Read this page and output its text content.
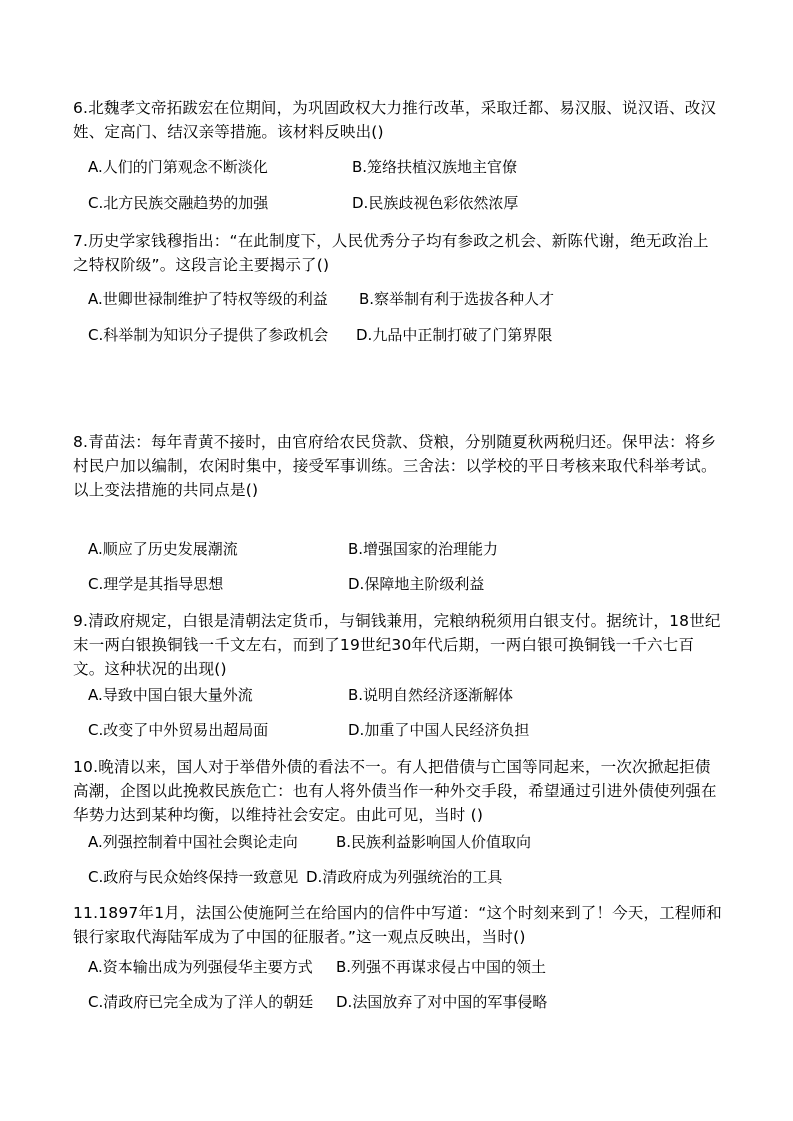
6.北魏孝文帝拓跋宏在位期间，为巩固政权大力推行改革，采取迁都、易汉服、说汉语、改汉姓、定高门、结汉亲等措施。该材料反映出()

A.人们的门第观念不断淡化	B.笼络扶植汉族地主官僚

C.北方民族交融趋势的加强	D.民族歧视色彩依然浓厚

7.历史学家钱穆指出：“在此制度下，人民优秀分子均有参政之机会、新陈代谢，绝无政治上之特权阶级”。这段言论主要揭示了()

A.世卿世禄制维护了特权等级的利益 B.察举制有利于选拔各种人才

C.科举制为知识分子提供了参政机会 D.九品中正制打破了门第界限

8.青苗法：每年青黄不接时，由官府给农民贷款、贷粮，分别随夏秋两税归还。保甲法：将乡村民户加以编制，农闲时集中，接受军事训练。三舍法：以学校的平日考核来取代科举考试。以上变法措施的共同点是()

A.顺应了历史发展潮流	B.增强国家的治理能力

C.理学是其指导思想	D.保障地主阶级利益

9.清政府规定，白银是清朝法定货币，与铜钱兼用，完粮纳税须用白银支付。据统计，18世纪末一两白银换铜钱一千文左右，而到了19世纪30年代后期，一两白银可换铜钱一千六七百文。这种状况的出现()

A.导致中国白银大量外流	B.说明自然经济逐渐解体

C.改变了中外贸易出超局面	D.加重了中国人民经济负担

10.晚清以来，国人对于举借外债的看法不一。有人把借债与亡国等同起来，一次次掀起拒债高潮，企图以此挽救民族危亡：也有人将外债当作一种外交手段，希望通过引进外债使列强在华势力达到某种均衡，以维持社会安定。由此可见，当时 ()

A.列强控制着中国社会舆论走向	B.民族利益影响国人价值取向

C.政府与民众始终保持一致意见 D.清政府成为列强统治的工具

11.1897年1月，法国公使施阿兰在给国内的信件中写道：“这个时刻来到了！今天，工程师和银行家取代海陆军成为了中国的征服者。”这一观点反映出，当时()

A.资本输出成为列强侵华主要方式 B.列强不再谋求侵占中国的领土

C.清政府已完全成为了洋人的朝廷 D.法国放弃了对中国的军事侵略
